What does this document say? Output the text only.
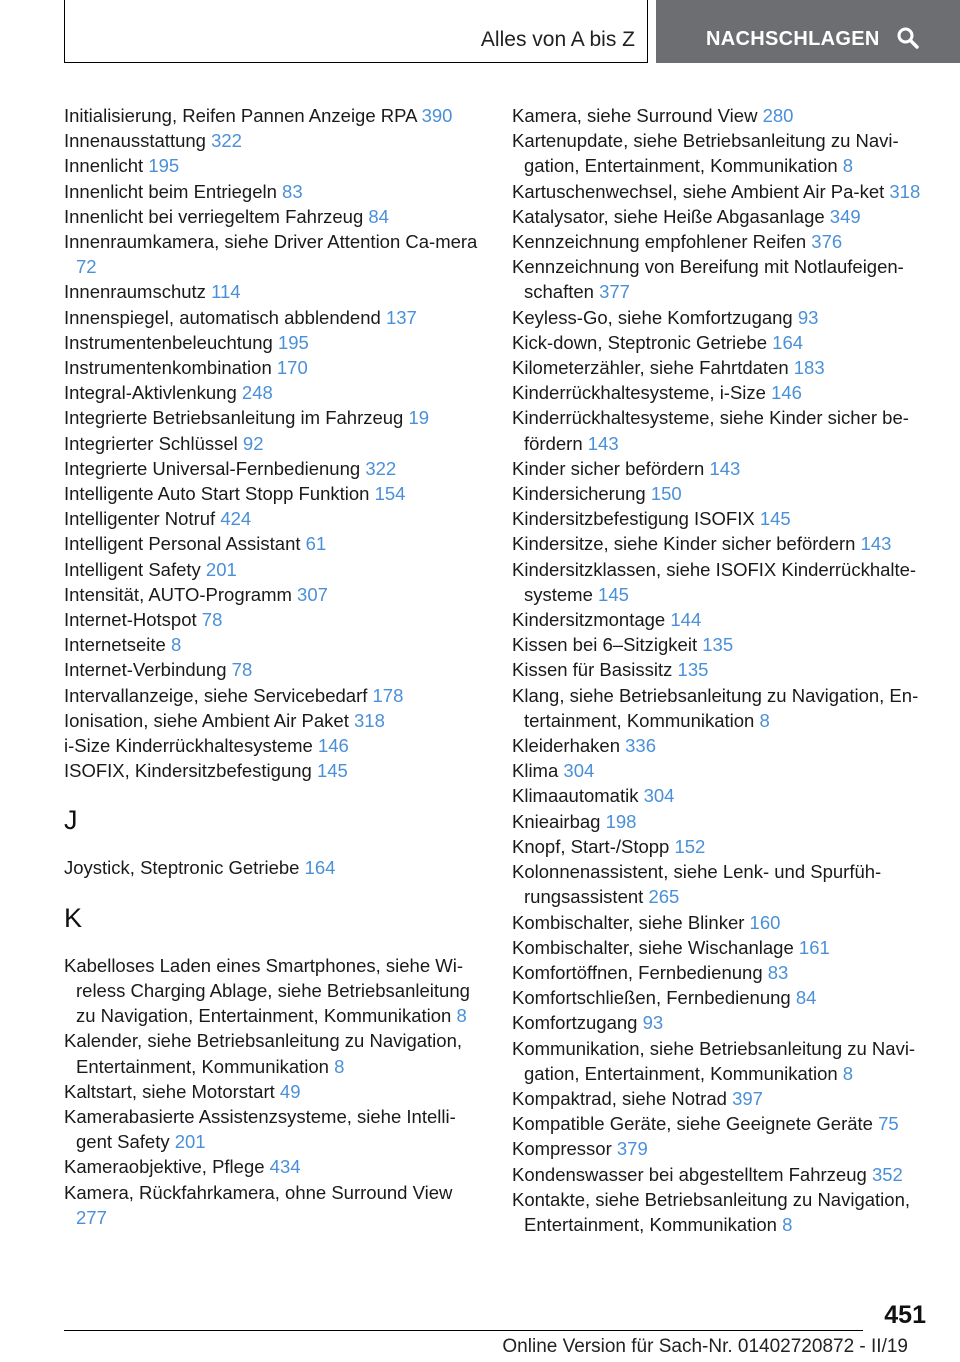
Alles von A bis Z	NACHSCHLAGEN
Initialisierung, Reifen Pannen Anzeige RPA 390
Innenausstattung 322
Innenlicht 195
Innenlicht beim Entriegeln 83
Innenlicht bei verriegeltem Fahrzeug 84
Innenraumkamera, siehe Driver Attention Ca-mera 72
Innenraumschutz 114
Innenspiegel, automatisch abblendend 137
Instrumentenbeleuchtung 195
Instrumentenkombination 170
Integral-Aktivlenkung 248
Integrierte Betriebsanleitung im Fahrzeug 19
Integrierter Schlüssel 92
Integrierte Universal-Fernbedienung 322
Intelligente Auto Start Stopp Funktion 154
Intelligenter Notruf 424
Intelligent Personal Assistant 61
Intelligent Safety 201
Intensität, AUTO-Programm 307
Internet-Hotspot 78
Internetseite 8
Internet-Verbindung 78
Intervallanzeige, siehe Servicebedarf 178
Ionisation, siehe Ambient Air Paket 318
i-Size Kinderrückhaltesysteme 146
ISOFIX, Kindersitzbefestigung 145
J
Joystick, Steptronic Getriebe 164
K
Kabelloses Laden eines Smartphones, siehe Wi-reless Charging Ablage, siehe Betriebsanleitung zu Navigation, Entertainment, Kommunikation 8
Kalender, siehe Betriebsanleitung zu Navigation, Entertainment, Kommunikation 8
Kaltstart, siehe Motorstart 49
Kamerabasierte Assistenzsysteme, siehe Intelli-gent Safety 201
Kameraobjektive, Pflege 434
Kamera, Rückfahrkamera, ohne Surround View 277
Kamera, siehe Surround View 280
Kartenupdate, siehe Betriebsanleitung zu Navi-gation, Entertainment, Kommunikation 8
Kartuschenwechsel, siehe Ambient Air Pa-ket 318
Katalysator, siehe Heiße Abgasanlage 349
Kennzeichnung empfohlener Reifen 376
Kennzeichnung von Bereifung mit Notlaufeigen-schaften 377
Keyless-Go, siehe Komfortzugang 93
Kick-down, Steptronic Getriebe 164
Kilometerzähler, siehe Fahrtdaten 183
Kinderrückhaltesysteme, i-Size 146
Kinderrückhaltesysteme, siehe Kinder sicher be-fördern 143
Kinder sicher befördern 143
Kindersicherung 150
Kindersitzbefestigung ISOFIX 145
Kindersitze, siehe Kinder sicher befördern 143
Kindersitzklassen, siehe ISOFIX Kinderrückhalte-systeme 145
Kindersitzmontage 144
Kissen bei 6–Sitzigkeit 135
Kissen für Basissitz 135
Klang, siehe Betriebsanleitung zu Navigation, En-tertainment, Kommunikation 8
Kleiderhaken 336
Klima 304
Klimaautomatik 304
Knieairbag 198
Knopf, Start-/Stopp 152
Kolonnenassistent, siehe Lenk- und Spurfüh-rungsassistent 265
Kombischalter, siehe Blinker 160
Kombischalter, siehe Wischanlage 161
Komfortöffnen, Fernbedienung 83
Komfortschließen, Fernbedienung 84
Komfortzugang 93
Kommunikation, siehe Betriebsanleitung zu Navi-gation, Entertainment, Kommunikation 8
Kompaktrad, siehe Notrad 397
Kompatible Geräte, siehe Geeignete Geräte 75
Kompressor 379
Kondenswasser bei abgestelltem Fahrzeug 352
Kontakte, siehe Betriebsanleitung zu Navigation, Entertainment, Kommunikation 8
451
Online Version für Sach-Nr. 01402720872 - II/19
